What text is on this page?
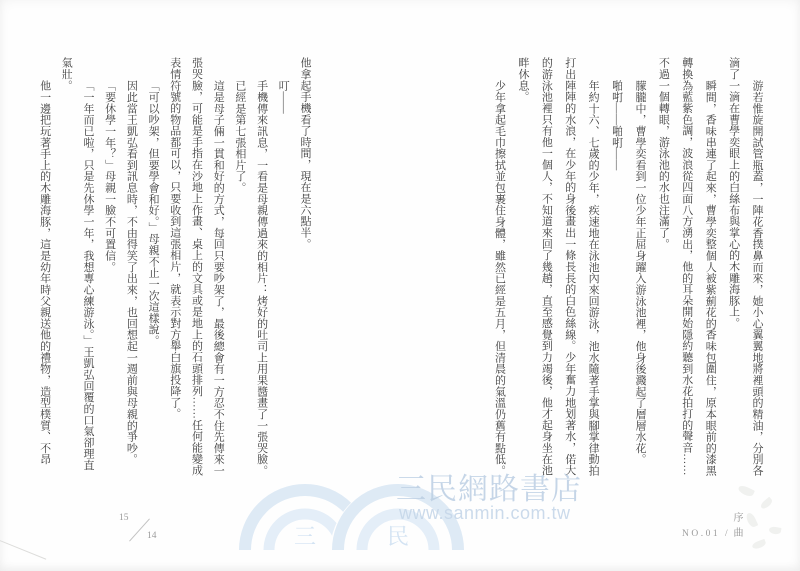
三	民
三民網路書店
www.sanmin.com.tw

他拿起手機看了時間，現在是六點半。

叮——

手機傳來訊息，一看是母親傳過來的相片：烤好的吐司上用果醬畫了一張哭臉。

已經是第七張相片了。

這是母子倆一貫和好的方式，每回只要吵架了，最後總會有一方忍不住先傳來一張哭臉，可能是手指在沙地上作畫、桌上的文具或是地上的石頭排列……任何能變成表情符號的物品都可以，只要收到這張相片，就表示對方舉白旗投降了。

「可以吵架，但要學會和好。」母親不止一次這樣說。

因此當王凱弘看到訊息時，不由得笑了出來，也回想起一週前與母親的爭吵。

「要休學一年？」母親一臉不可置信。

「一年而已啦，只是先休學一年，我想專心練游泳。」王凱弘回覆的口氣卻理直氣壯。

他一邊把玩著手上的木雕海豚，這是幼年時父親送他的禮物，造型樸質、不昂	游若惟旋開試管瓶蓋，一陣花香撲鼻而來，她小心翼翼地將裡頭的精油，分別各滴了一滴在曹學奕眼上的白絲布與掌心的木雕海豚上。

瞬間，香味串連了起來，曹學奕整個人被紫薊花的香味包圍住，原本眼前的漆黑轉換為藍紫色調，波浪從四面八方湧出，他的耳朵開始隱約聽到水花拍打的聲音……不過一個轉眼，游泳池的水也注滿了。

朦朧中，曹學奕看到一位少年正屈身躍入游泳池裡，他身後濺起了層層水花。

啪咑——啪咑——

年約十六、七歲的少年，疾速地在泳池內來回游泳，池水隨著手掌與腳掌律動拍打出陣陣的水浪，在少年的身後畫出一條長長的白色絲線。少年奮力地划著水，偌大的游泳池裡只有他一個人，不知道來回了幾趟，直至感覺到力竭後，他才起身坐在池畔休息。

少年拿起毛巾擦拭並包裹住身體，雖然已經是五月，但清晨的氣溫仍舊有點低。

15
14	NO.01 / 序曲
